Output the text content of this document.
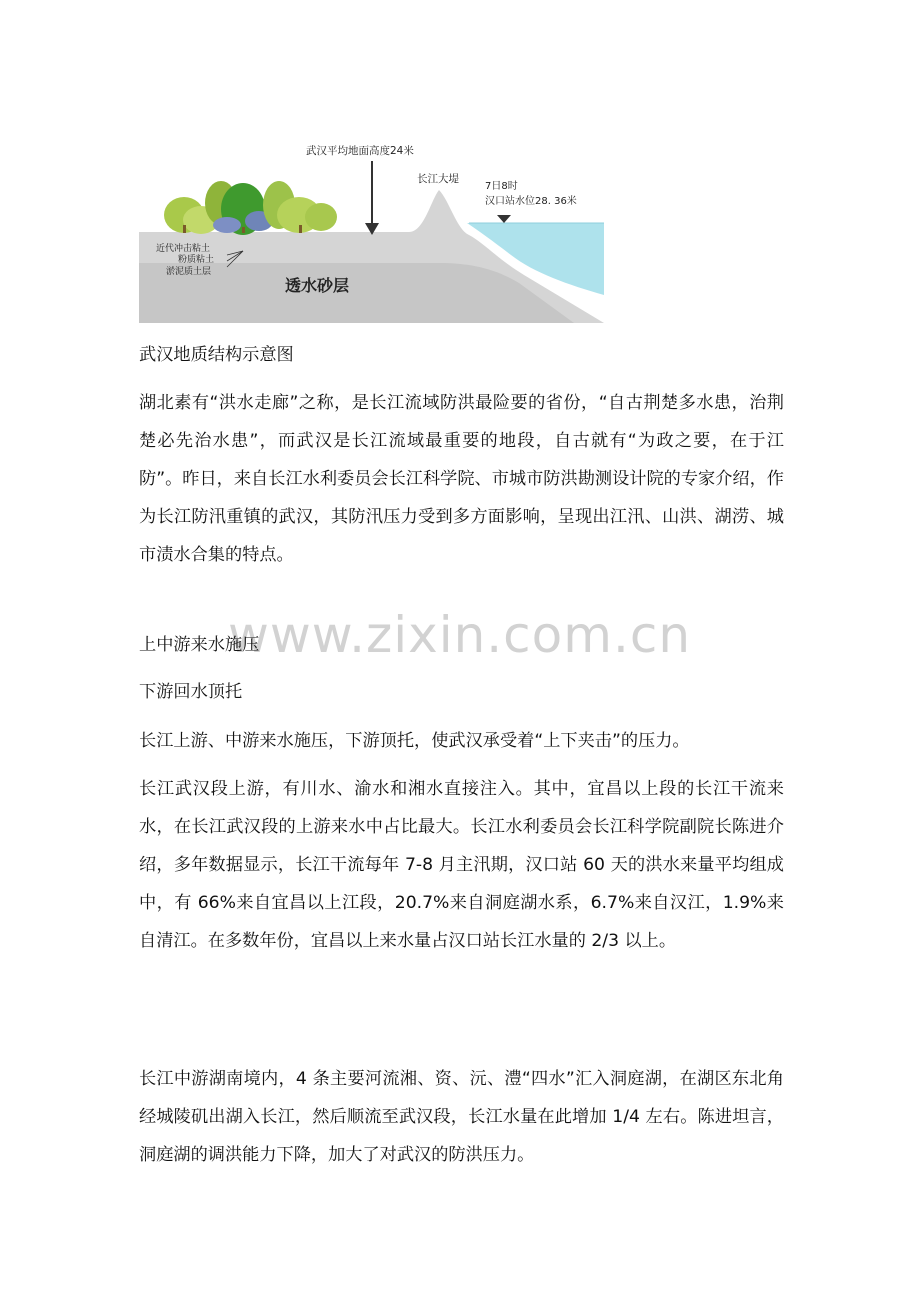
武汉平均地面高度24米
长江大堤
7日8时
汉口站水位28. 36米
近代冲击粘土
粉质粘土
淤泥质土层
透水砂层

武汉地质结构示意图

湖北素有“洪水走廊”之称，是长江流域防洪最险要的省份，“自古荆楚多水患，治荆楚必先治水患”，而武汉是长江流域最重要的地段，自古就有“为政之要，在于江防”。昨日，来自长江水利委员会长江科学院、市城市防洪勘测设计院的专家介绍，作为长江防汛重镇的武汉，其防汛压力受到多方面影响，呈现出江汛、山洪、湖涝、城市渍水合集的特点。

www.zixin.com.cn

上中游来水施压

下游回水顶托

长江上游、中游来水施压，下游顶托，使武汉承受着“上下夹击”的压力。

长江武汉段上游，有川水、渝水和湘水直接注入。其中，宜昌以上段的长江干流来水，在长江武汉段的上游来水中占比最大。长江水利委员会长江科学院副院长陈进介绍，多年数据显示，长江干流每年 7-8 月主汛期，汉口站 60 天的洪水来量平均组成中，有 66%来自宜昌以上江段，20.7%来自洞庭湖水系，6.7%来自汉江，1.9%来自清江。在多数年份，宜昌以上来水量占汉口站长江水量的 2/3 以上。

长江中游湖南境内，4 条主要河流湘、资、沅、澧“四水”汇入洞庭湖，在湖区东北角经城陵矶出湖入长江，然后顺流至武汉段，长江水量在此增加 1/4 左右。陈进坦言，洞庭湖的调洪能力下降，加大了对武汉的防洪压力。
